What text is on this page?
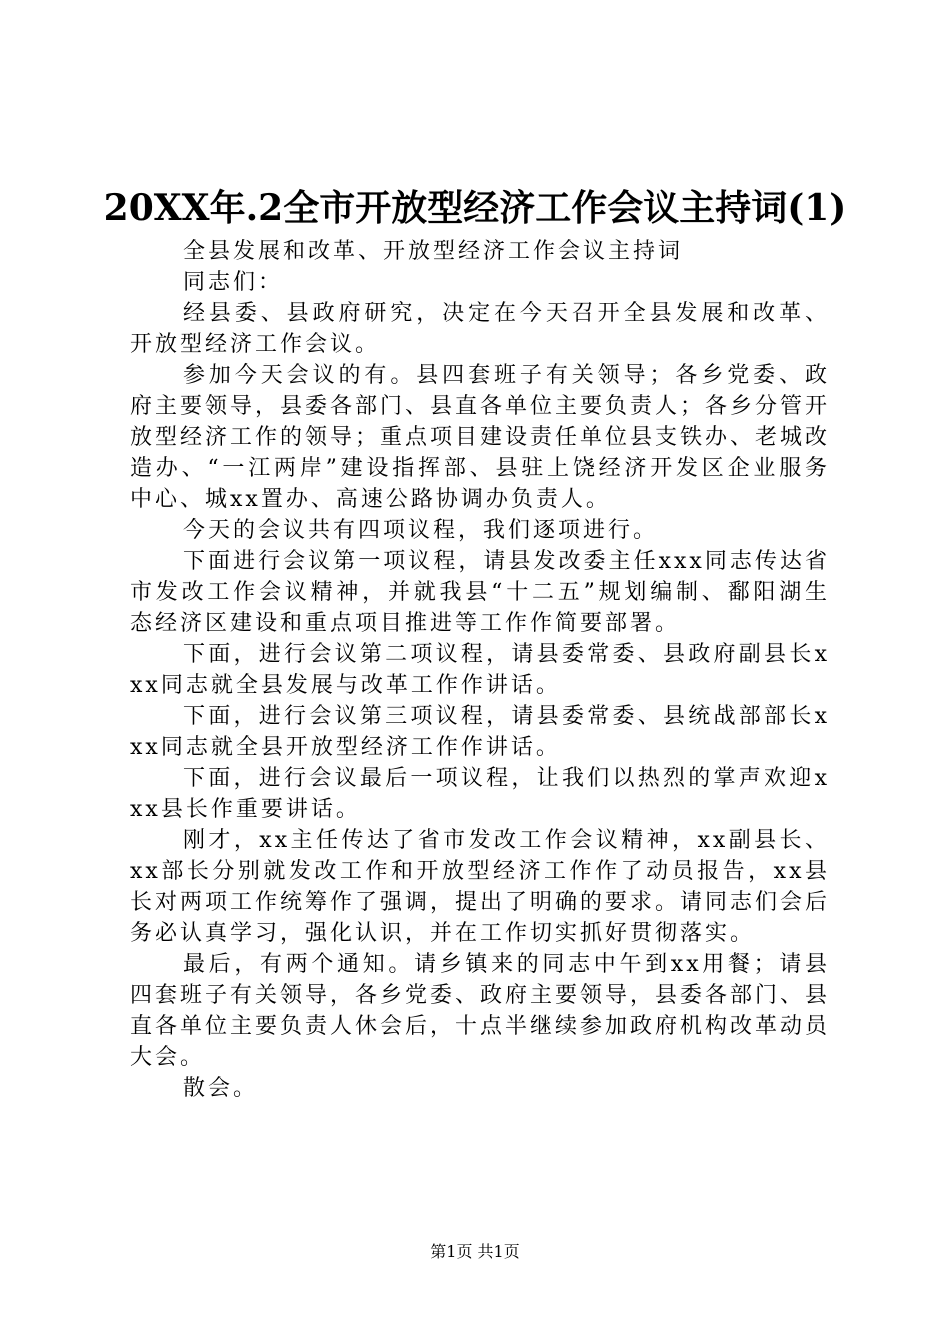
20XX年.2全市开放型经济工作会议主持词(1)

全县发展和改革、开放型经济工作会议主持词

同志们：

经县委、县政府研究，决定在今天召开全县发展和改革、开放型经济工作会议。

参加今天会议的有。县四套班子有关领导；各乡党委、政府主要领导，县委各部门、县直各单位主要负责人；各乡分管开放型经济工作的领导；重点项目建设责任单位县支铁办、老城改造办、“一江两岸”建设指挥部、县驻上饶经济开发区企业服务中心、城xx置办、高速公路协调办负责人。

今天的会议共有四项议程，我们逐项进行。

下面进行会议第一项议程，请县发改委主任xxx同志传达省市发改工作会议精神，并就我县“十二五”规划编制、鄱阳湖生态经济区建设和重点项目推进等工作作简要部署。

下面，进行会议第二项议程，请县委常委、县政府副县长xxx同志就全县发展与改革工作作讲话。

下面，进行会议第三项议程，请县委常委、县统战部部长xxx同志就全县开放型经济工作作讲话。

下面，进行会议最后一项议程，让我们以热烈的掌声欢迎xxx县长作重要讲话。

刚才，xx主任传达了省市发改工作会议精神，xx副县长、xx部长分别就发改工作和开放型经济工作作了动员报告，xx县长对两项工作统筹作了强调，提出了明确的要求。请同志们会后务必认真学习，强化认识，并在工作切实抓好贯彻落实。

最后，有两个通知。请乡镇来的同志中午到xx用餐；请县四套班子有关领导，各乡党委、政府主要领导，县委各部门、县直各单位主要负责人休会后，十点半继续参加政府机构改革动员大会。

散会。

第1页 共1页
